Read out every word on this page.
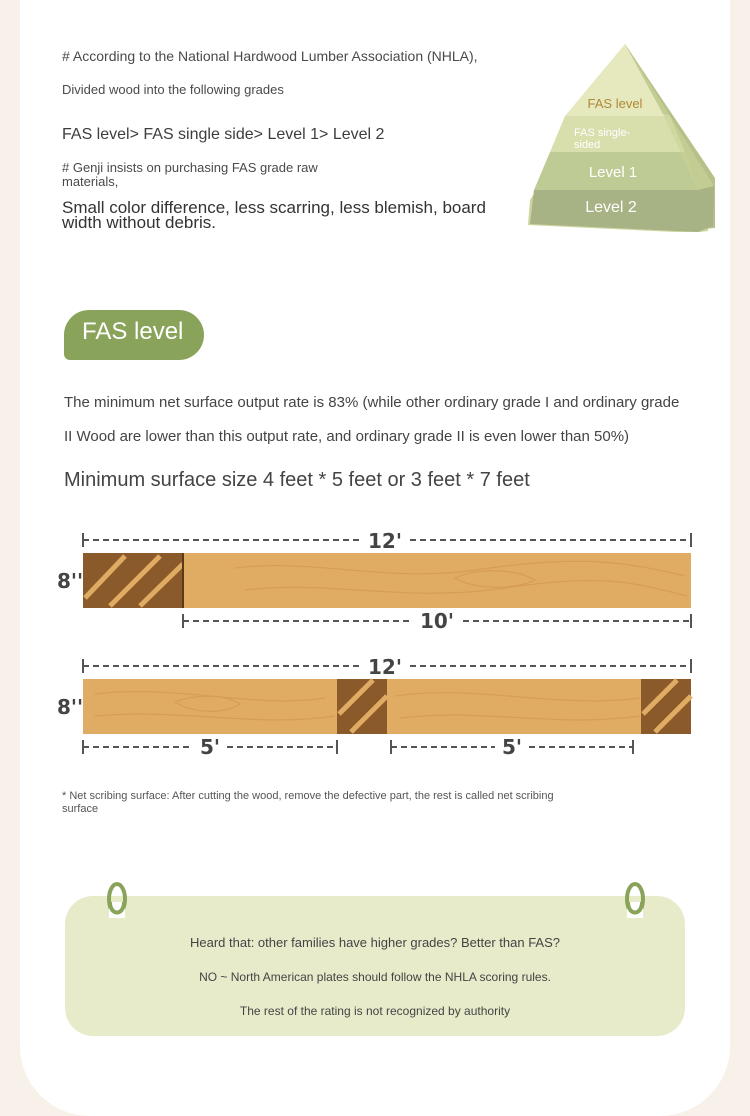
# According to the National Hardwood Lumber Association (NHLA),

Divided wood into the following grades

FAS level> FAS single side> Level 1> Level 2

# Genji insists on purchasing FAS grade raw

materials,

Small color difference, less scarring, less blemish, board

width without debris.

FAS level
FAS single-
sided
Level 1
Level 2
FAS level

The minimum net surface output rate is 83% (while other ordinary grade I and ordinary grade

II Wood are lower than this output rate, and ordinary grade II is even lower than 50%)

Minimum surface size 4 feet * 5 feet or 3 feet * 7 feet

12'
10'
8''
12'
5'	5'
8''

* Net scribing surface: After cutting the wood, remove the defective part, the rest is called net scribing

surface

Heard that: other families have higher grades? Better than FAS?

NO ~ North American plates should follow the NHLA scoring rules.

The rest of the rating is not recognized by authority
